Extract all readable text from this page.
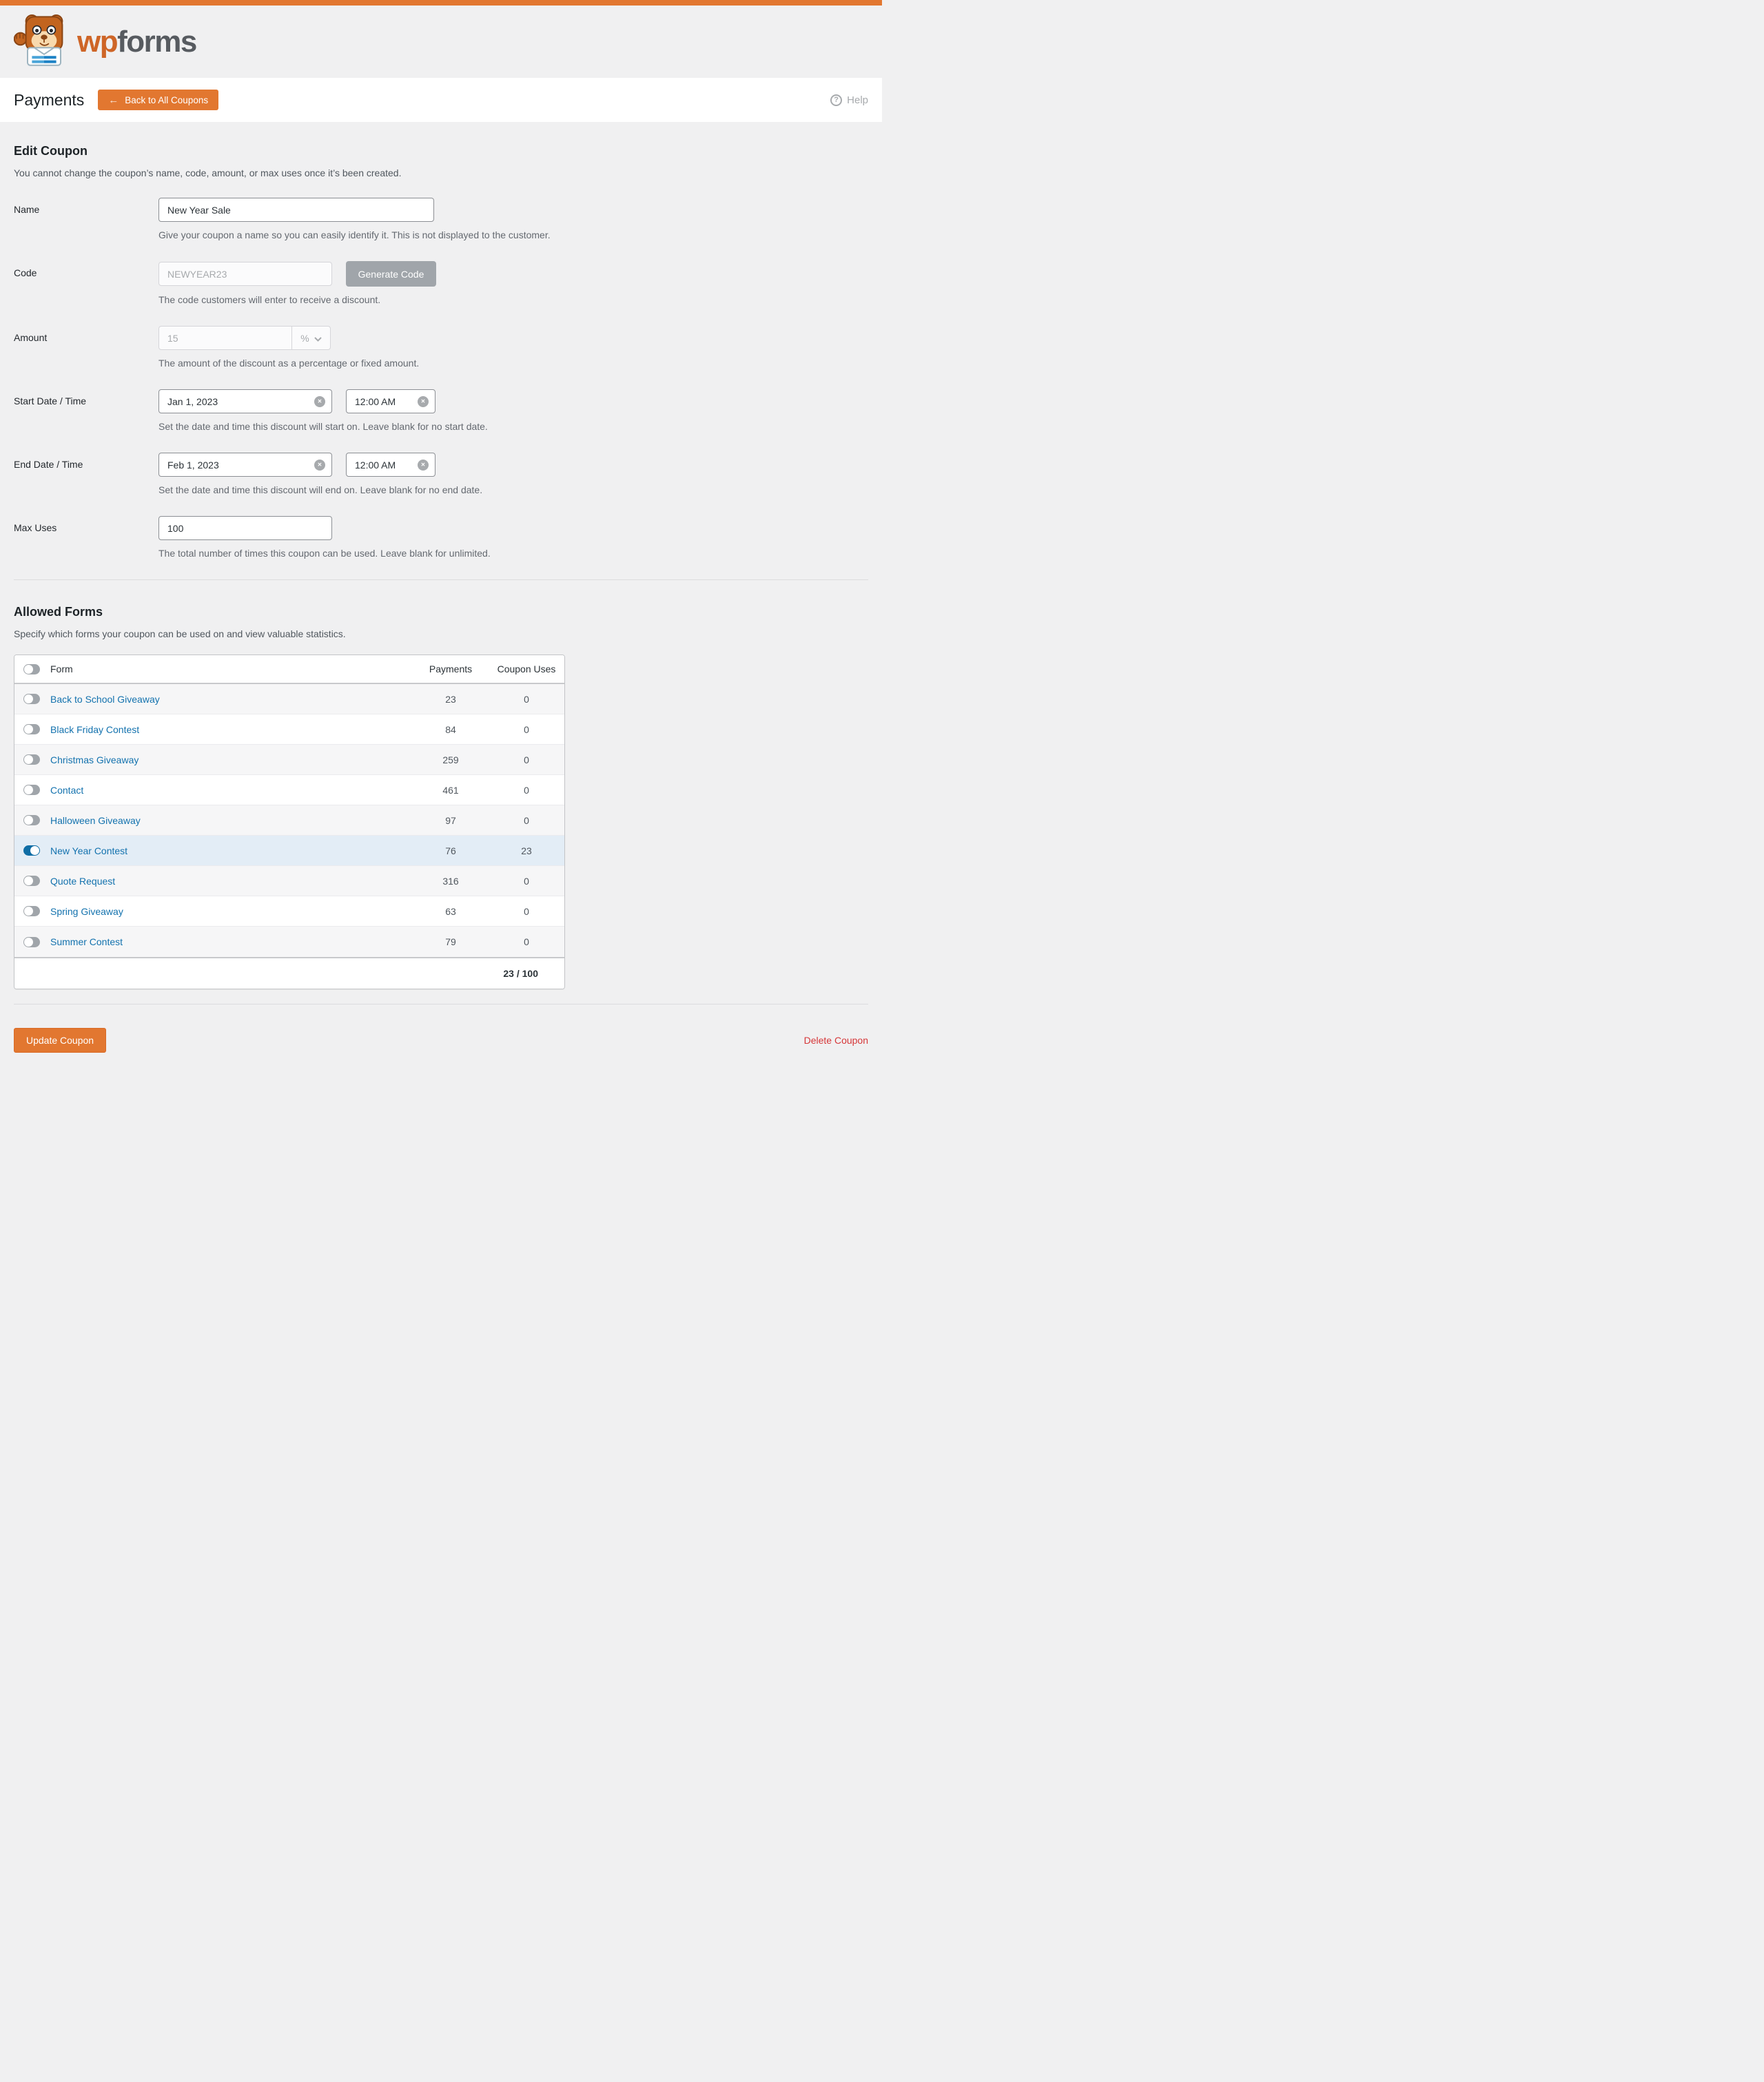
wpforms
Payments ← Back to All Coupons	? Help
Edit Coupon

You cannot change the coupon’s name, code, amount, or max uses once it’s been created.

Name
New Year Sale
Give your coupon a name so you can easily identify it. This is not displayed to the customer.
Code
NEWYEAR23	Generate Code
The code customers will enter to receive a discount.
Amount	15	%
The amount of the discount as a percentage or fixed amount.
Start Date / Time
Jan 1, 2023	✕
12:00 AM	✕
Set the date and time this discount will start on. Leave blank for no start date.
End Date / Time
Feb 1, 2023	✕
12:00 AM	✕
Set the date and time this discount will end on. Leave blank for no end date.
Max Uses
100
The total number of times this coupon can be used. Leave blank for unlimited.
Allowed Forms

Specify which forms your coupon can be used on and view valuable statistics.

Form	Payments	Coupon Uses
Back to School Giveaway	23	0
Black Friday Contest	84	0
Christmas Giveaway	259	0
Contact	461	0
Halloween Giveaway	97	0
New Year Contest	76	23
Quote Request	316	0
Spring Giveaway	63	0
Summer Contest	79	0
23 / 100
Update Coupon	Delete Coupon
